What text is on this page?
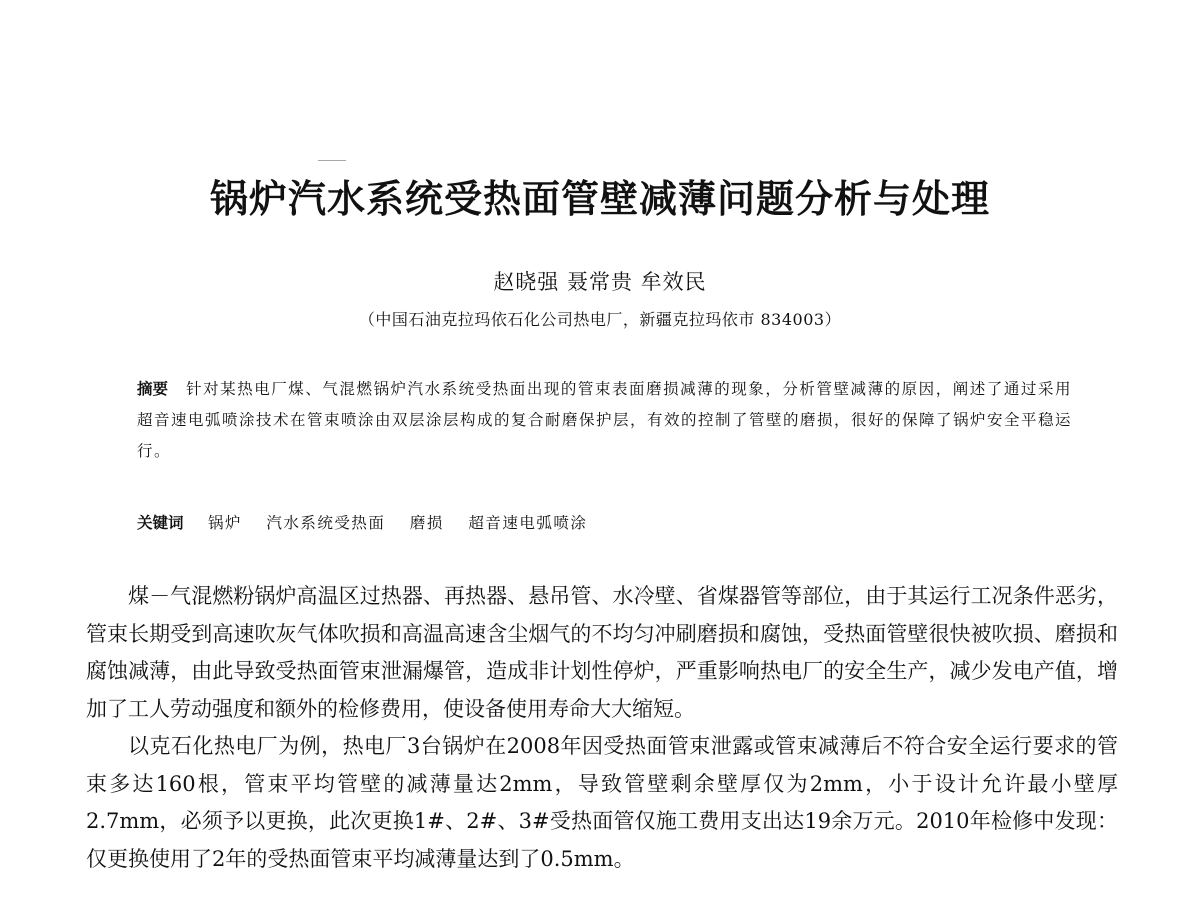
锅炉汽水系统受热面管壁减薄问题分析与处理
赵晓强 聂常贵 牟效民
（中国石油克拉玛依石化公司热电厂，新疆克拉玛依市 834003）
摘要 针对某热电厂煤、气混燃锅炉汽水系统受热面出现的管束表面磨损减薄的现象，分析管壁减薄的原因，阐述了通过采用超音速电弧喷涂技术在管束喷涂由双层涂层构成的复合耐磨保护层，有效的控制了管壁的磨损，很好的保障了锅炉安全平稳运行。
关键词 锅炉 汽水系统受热面 磨损 超音速电弧喷涂

煤－气混燃粉锅炉高温区过热器、再热器、悬吊管、水冷壁、省煤器管等部位，由于其运行工况条件恶劣，管束长期受到高速吹灰气体吹损和高温高速含尘烟气的不均匀冲刷磨损和腐蚀，受热面管壁很快被吹损、磨损和腐蚀减薄，由此导致受热面管束泄漏爆管，造成非计划性停炉，严重影响热电厂的安全生产，减少发电产值，增加了工人劳动强度和额外的检修费用，使设备使用寿命大大缩短。

以克石化热电厂为例，热电厂3台锅炉在2008年因受热面管束泄露或管束减薄后不符合安全运行要求的管束多达160根，管束平均管壁的减薄量达2mm，导致管壁剩余壁厚仅为2mm，小于设计允许最小壁厚2.7mm，必须予以更换，此次更换1#、2#、3#受热面管仅施工费用支出达19余万元。2010年检修中发现：仅更换使用了2年的受热面管束平均减薄量达到了0.5mm。
